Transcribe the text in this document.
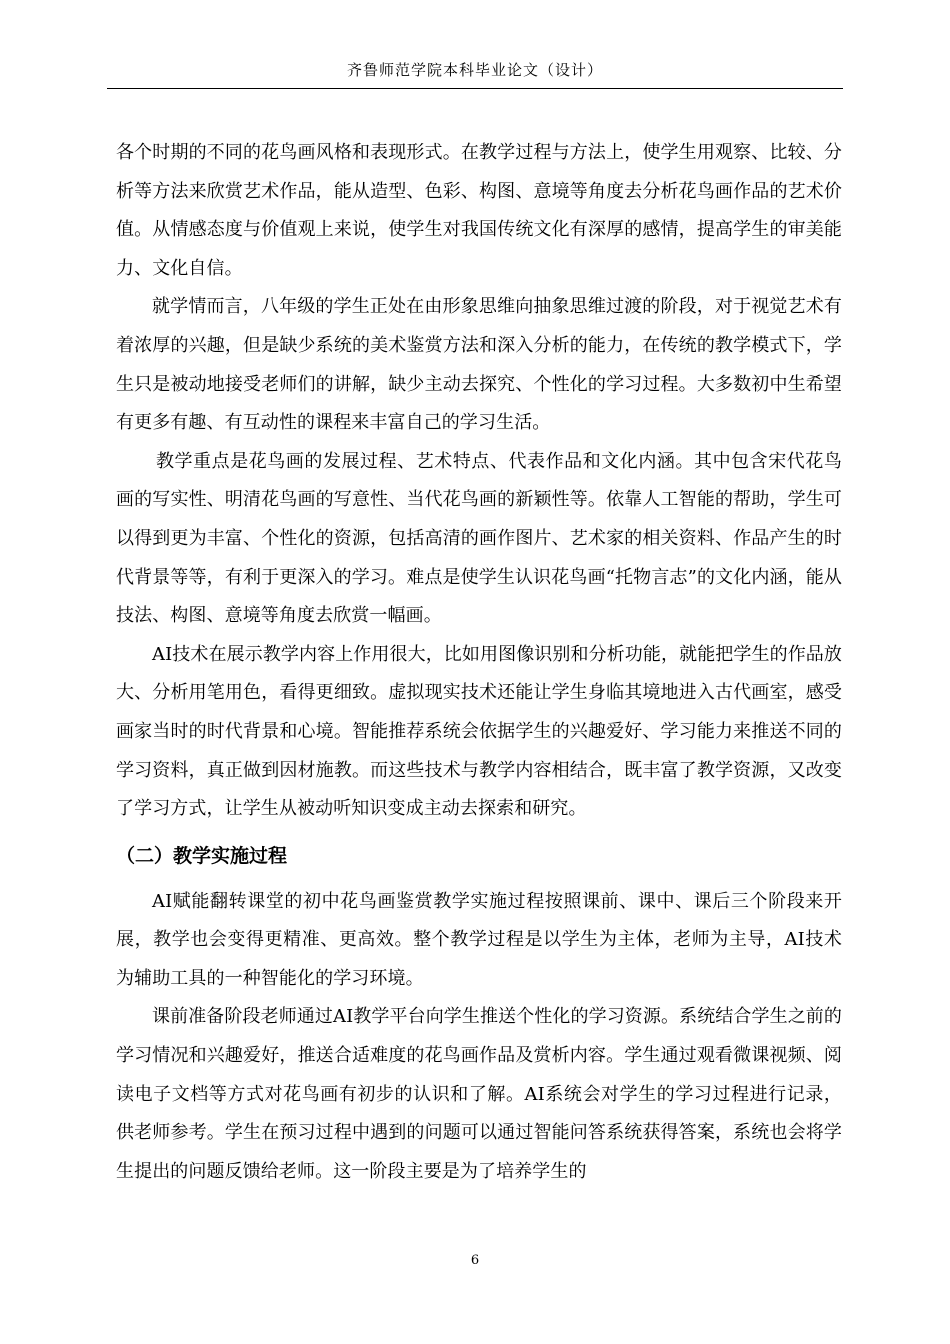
齐鲁师范学院本科毕业论文（设计）

各个时期的不同的花鸟画风格和表现形式。在教学过程与方法上，使学生用观察、比较、分析等方法来欣赏艺术作品，能从造型、色彩、构图、意境等角度去分析花鸟画作品的艺术价值。从情感态度与价值观上来说，使学生对我国传统文化有深厚的感情，提高学生的审美能力、文化自信。

就学情而言，八年级的学生正处在由形象思维向抽象思维过渡的阶段，对于视觉艺术有着浓厚的兴趣，但是缺少系统的美术鉴赏方法和深入分析的能力，在传统的教学模式下，学生只是被动地接受老师们的讲解，缺少主动去探究、个性化的学习过程。大多数初中生希望有更多有趣、有互动性的课程来丰富自己的学习生活。

教学重点是花鸟画的发展过程、艺术特点、代表作品和文化内涵。其中包含宋代花鸟画的写实性、明清花鸟画的写意性、当代花鸟画的新颖性等。依靠人工智能的帮助，学生可以得到更为丰富、个性化的资源，包括高清的画作图片、艺术家的相关资料、作品产生的时代背景等等，有利于更深入的学习。难点是使学生认识花鸟画“托物言志”的文化内涵，能从技法、构图、意境等角度去欣赏一幅画。

AI技术在展示教学内容上作用很大，比如用图像识别和分析功能，就能把学生的作品放大、分析用笔用色，看得更细致。虚拟现实技术还能让学生身临其境地进入古代画室，感受画家当时的时代背景和心境。智能推荐系统会依据学生的兴趣爱好、学习能力来推送不同的学习资料，真正做到因材施教。而这些技术与教学内容相结合，既丰富了教学资源，又改变了学习方式，让学生从被动听知识变成主动去探索和研究。

（二）教学实施过程

AI赋能翻转课堂的初中花鸟画鉴赏教学实施过程按照课前、课中、课后三个阶段来开展，教学也会变得更精准、更高效。整个教学过程是以学生为主体，老师为主导，AI技术为辅助工具的一种智能化的学习环境。

课前准备阶段老师通过AI教学平台向学生推送个性化的学习资源。系统结合学生之前的学习情况和兴趣爱好，推送合适难度的花鸟画作品及赏析内容。学生通过观看微课视频、阅读电子文档等方式对花鸟画有初步的认识和了解。AI系统会对学生的学习过程进行记录，供老师参考。学生在预习过程中遇到的问题可以通过智能问答系统获得答案，系统也会将学生提出的问题反馈给老师。这一阶段主要是为了培养学生的

6
